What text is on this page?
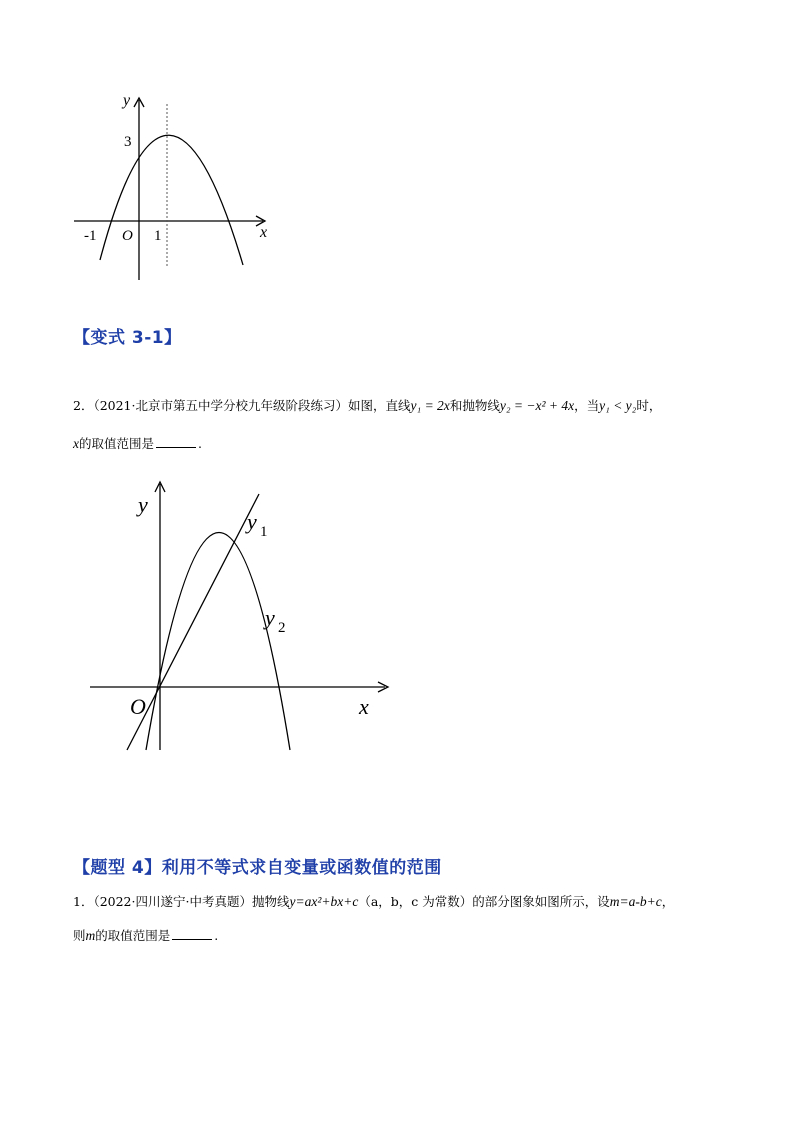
y
x
3
-1 O 1
【变式 3-1】
2．（2021·北京市第五中学分校九年级阶段练习）如图，直线y₁ = 2x和抛物线y₂ = −x² + 4x，当y₁ < y₂时，
x的取值范围是	.
y
x
O
y 1
y 2
【题型 4】利用不等式求自变量或函数值的范围
1．（2022·四川遂宁·中考真题）抛物线y=ax²+bx+c（a，b，c 为常数）的部分图象如图所示，设m=a-b+c，
则m的取值范围是	.
